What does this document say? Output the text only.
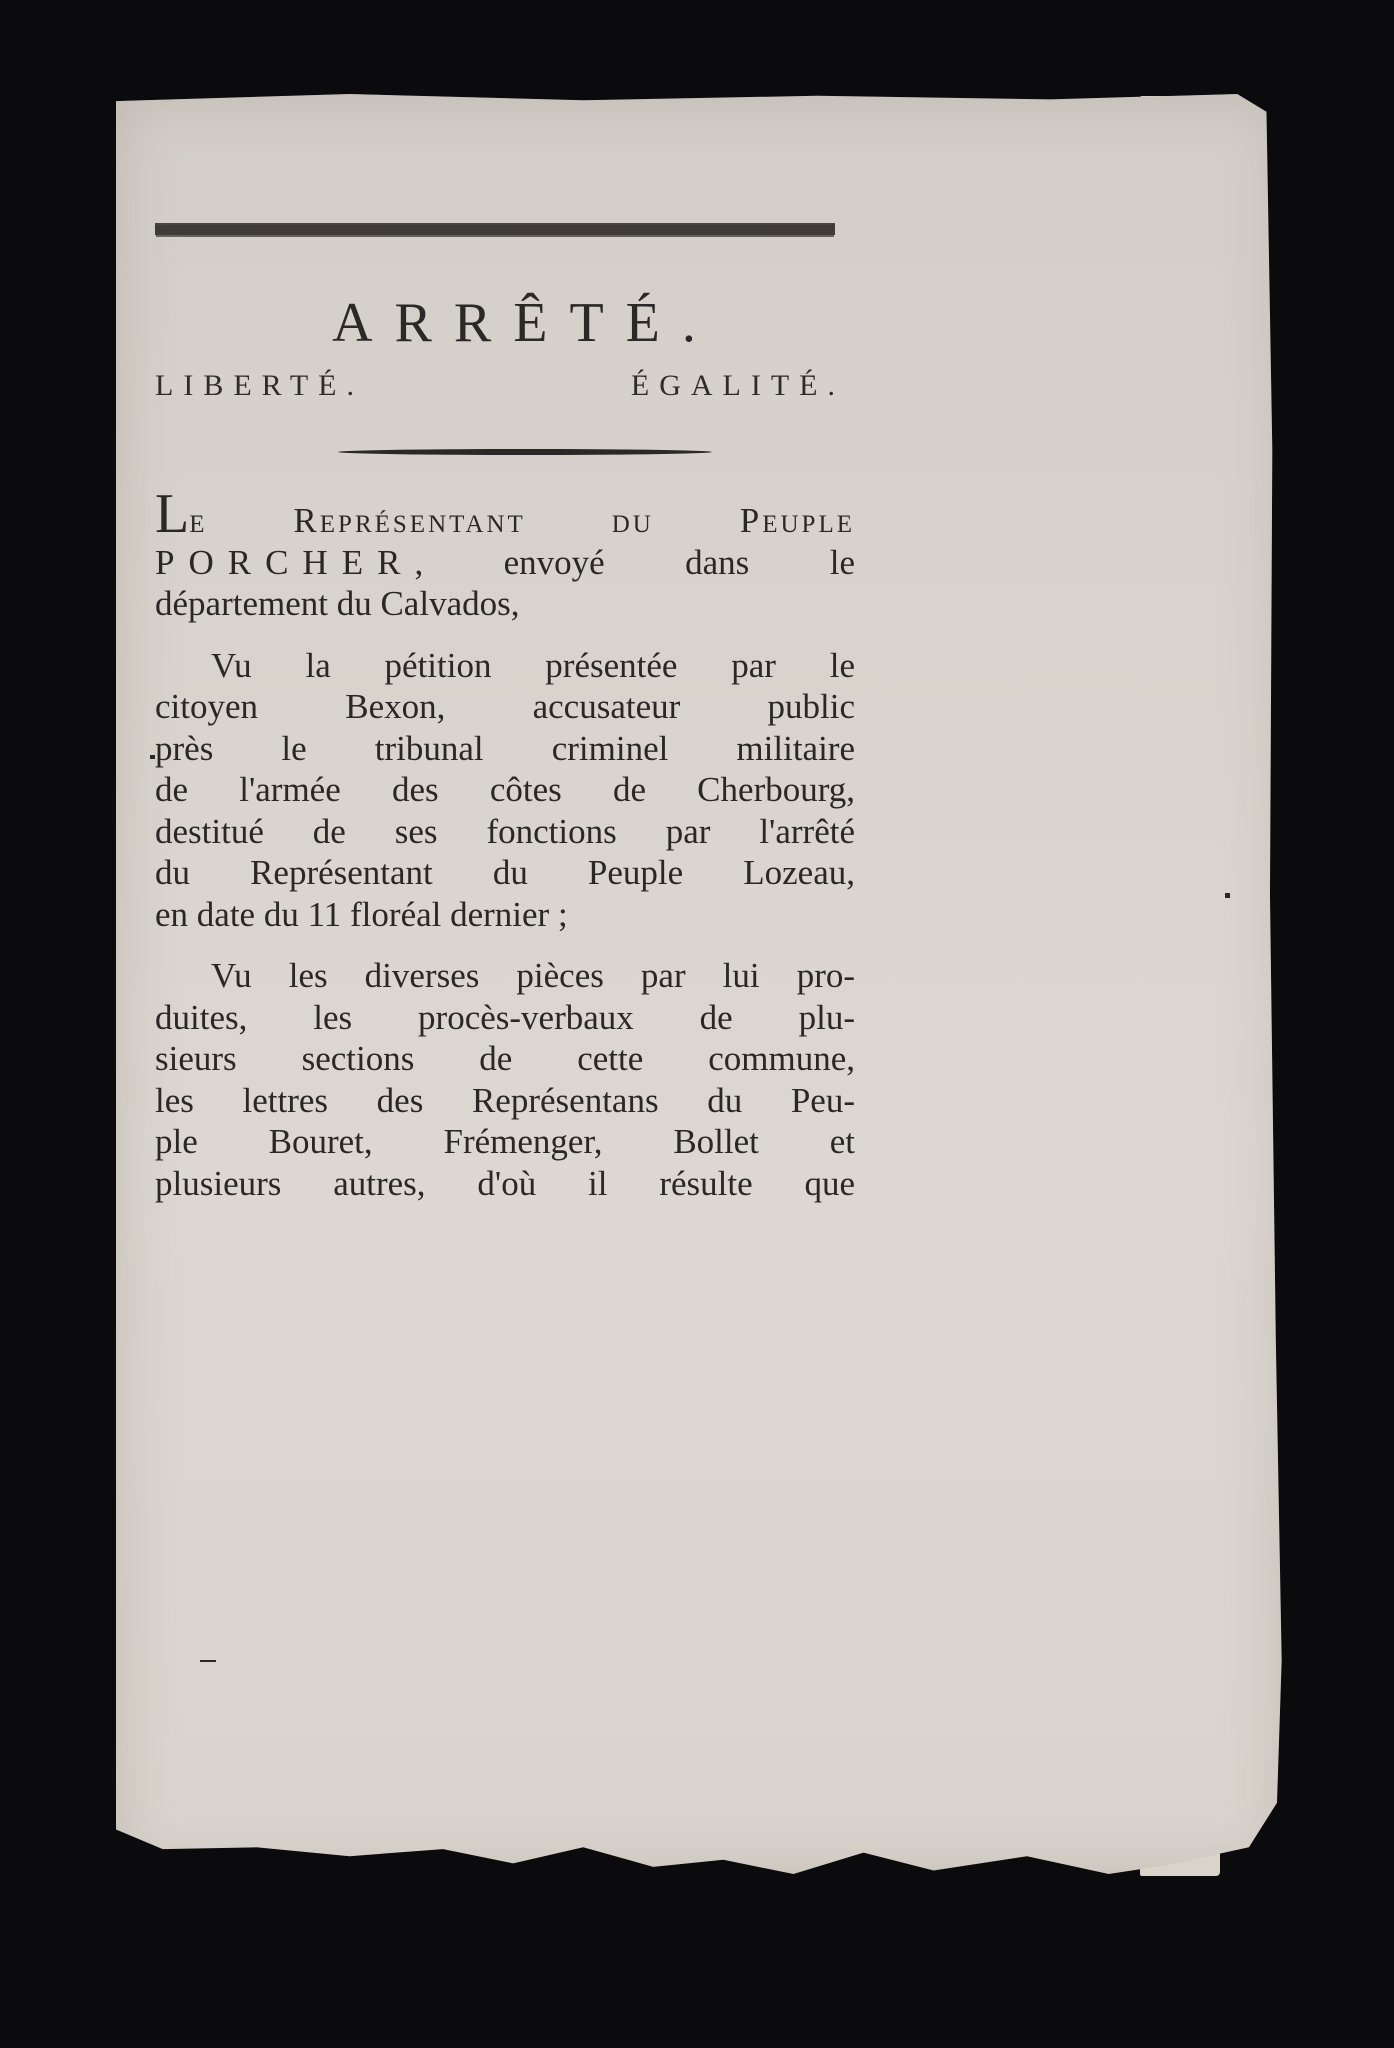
ARRÊTÉ.
LIBERTÉ.	ÉGALITÉ.
Le Représentant du Peuple
PORCHER, envoyé dans le
département du Calvados,
Vu la pétition présentée par le
citoyen Bexon, accusateur public
près le tribunal criminel militaire
de l'armée des côtes de Cherbourg,
destitué de ses fonctions par l'arrêté
du Représentant du Peuple Lozeau,
en date du 11 floréal dernier ;
Vu les diverses pièces par lui pro-
duites, les procès-verbaux de plu-
sieurs sections de cette commune,
les lettres des Représentans du Peu-
ple Bouret, Frémenger, Bollet et
plusieurs autres, d'où il résulte que
